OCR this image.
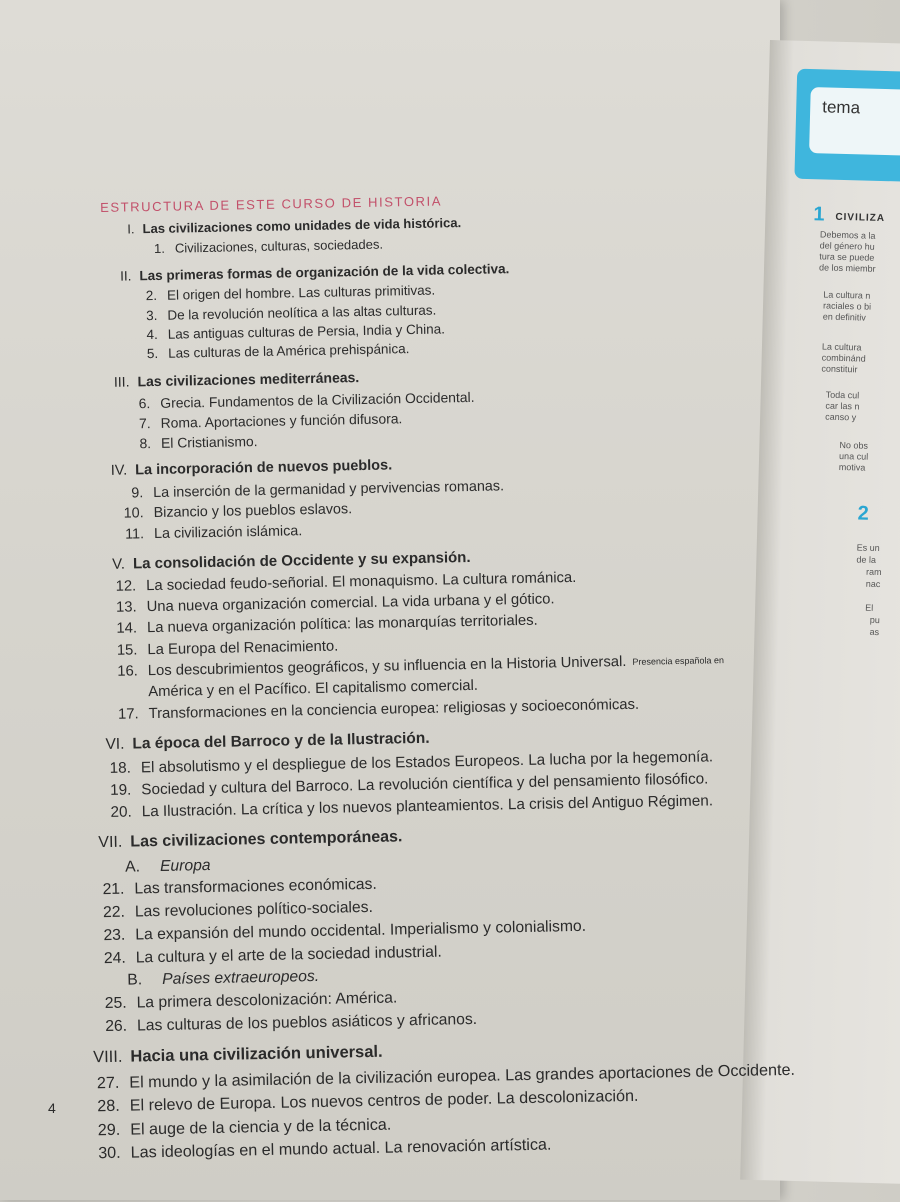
tema
1 CIVILIZA
2
Debemos a la
del género hu
tura se puede
de los miembr
La cultura n
raciales o bi
en definitiv
La cultura
combinánd
constituir
Toda cul
car las n
canso y
No obs
una cul
motiva
Es un
de la
ram
nac
El
pu
as
ESTRUCTURA DE ESTE CURSO DE HISTORIA
I. Las civilizaciones como unidades de vida histórica.
1. Civilizaciones, culturas, sociedades.
II. Las primeras formas de organización de la vida colectiva.
2. El origen del hombre. Las culturas primitivas.
3. De la revolución neolítica a las altas culturas.
4. Las antiguas culturas de Persia, India y China.
5. Las culturas de la América prehispánica.
III. Las civilizaciones mediterráneas.
6. Grecia. Fundamentos de la Civilización Occidental.
7. Roma. Aportaciones y función difusora.
8. El Cristianismo.
IV. La incorporación de nuevos pueblos.
9. La inserción de la germanidad y pervivencias romanas.
10. Bizancio y los pueblos eslavos.
11. La civilización islámica.
V. La consolidación de Occidente y su expansión.
12. La sociedad feudo-señorial. El monaquismo. La cultura románica.
13. Una nueva organización comercial. La vida urbana y el gótico.
14. La nueva organización política: las monarquías territoriales.
15. La Europa del Renacimiento.
16. Los descubrimientos geográficos, y su influencia en la Historia Universal. Presencia española en
América y en el Pacífico. El capitalismo comercial.
17. Transformaciones en la conciencia europea: religiosas y socioeconómicas.
VI. La época del Barroco y de la Ilustración.
18. El absolutismo y el despliegue de los Estados Europeos. La lucha por la hegemonía.
19. Sociedad y cultura del Barroco. La revolución científica y del pensamiento filosófico.
20. La Ilustración. La crítica y los nuevos planteamientos. La crisis del Antiguo Régimen.
VII. Las civilizaciones contemporáneas.
A. Europa
21. Las transformaciones económicas.
22. Las revoluciones político-sociales.
23. La expansión del mundo occidental. Imperialismo y colonialismo.
24. La cultura y el arte de la sociedad industrial.
B. Países extraeuropeos.
25. La primera descolonización: América.
26. Las culturas de los pueblos asiáticos y africanos.
VIII. Hacia una civilización universal.
27. El mundo y la asimilación de la civilización europea. Las grandes aportaciones de Occidente.
28. El relevo de Europa. Los nuevos centros de poder. La descolonización.
29. El auge de la ciencia y de la técnica.
30. Las ideologías en el mundo actual. La renovación artística.
4
